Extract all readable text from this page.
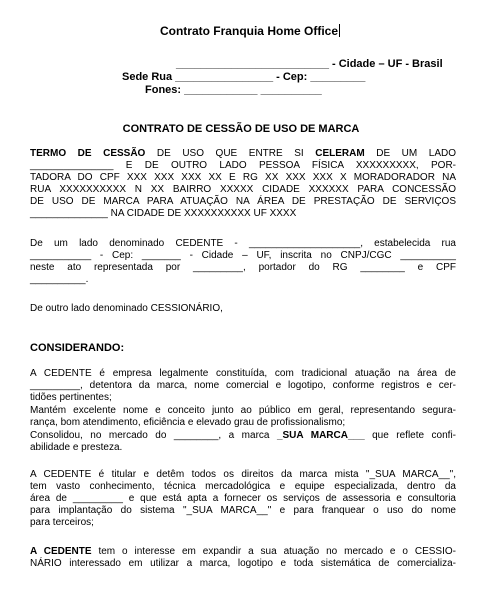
Contrato Franquia Home Office
_________________________ - Cidade – UF - Brasil
Sede Rua ________________ - Cep: _________
Fones: ____________ __________
CONTRATO DE CESSÃO DE USO DE MARCA
TERMO DE CESSÃO DE USO QUE ENTRE SI CELERAM DE UM LADO
_______________ E DE OUTRO LADO PESSOA FÍSICA XXXXXXXXX, POR-
TADORA DO CPF XXX XXX XXX XX E RG XX XXX XXX X MORADORADOR NA
RUA XXXXXXXXXX N XX BAIRRO XXXXX CIDADE XXXXXX PARA CONCESSÃO
DE USO DE MARCA PARA ATUAÇÃO NA ÁREA DE PRESTAÇÃO DE SERVIÇOS
______________ NA CIDADE DE XXXXXXXXXX UF XXXX
De um lado denominado CEDENTE - ____________________, estabelecida rua
___________ - Cep: _______ - Cidade – UF, inscrita no CNPJ/CGC __________
neste ato representada por _________, portador do RG ________ e CPF
__________.
De outro lado denominado CESSIONÁRIO,
CONSIDERANDO:
A CEDENTE é empresa legalmente constituída, com tradicional atuação na área de
_________, detentora da marca, nome comercial e logotipo, conforme registros e cer-
tidões pertinentes;
Mantém excelente nome e conceito junto ao público em geral, representando segura-
rança, bom atendimento, eficiência e elevado grau de profissionalismo;
Consolidou, no mercado do ________, a marca _SUA MARCA___ que reflete confi-
abilidade e presteza.
A CEDENTE é titular e detêm todos os direitos da marca mista "_SUA MARCA__",
tem vasto conhecimento, técnica mercadológica e equipe especializada, dentro da
área de _________ e que está apta a fornecer os serviços de assessoria e consultoria
para implantação do sistema "_SUA MARCA__" e para franquear o uso do nome
para terceiros;
A CEDENTE tem o interesse em expandir a sua atuação no mercado e o CESSIO-
NÁRIO interessado em utilizar a marca, logotipo e toda sistemática de comercializa-
